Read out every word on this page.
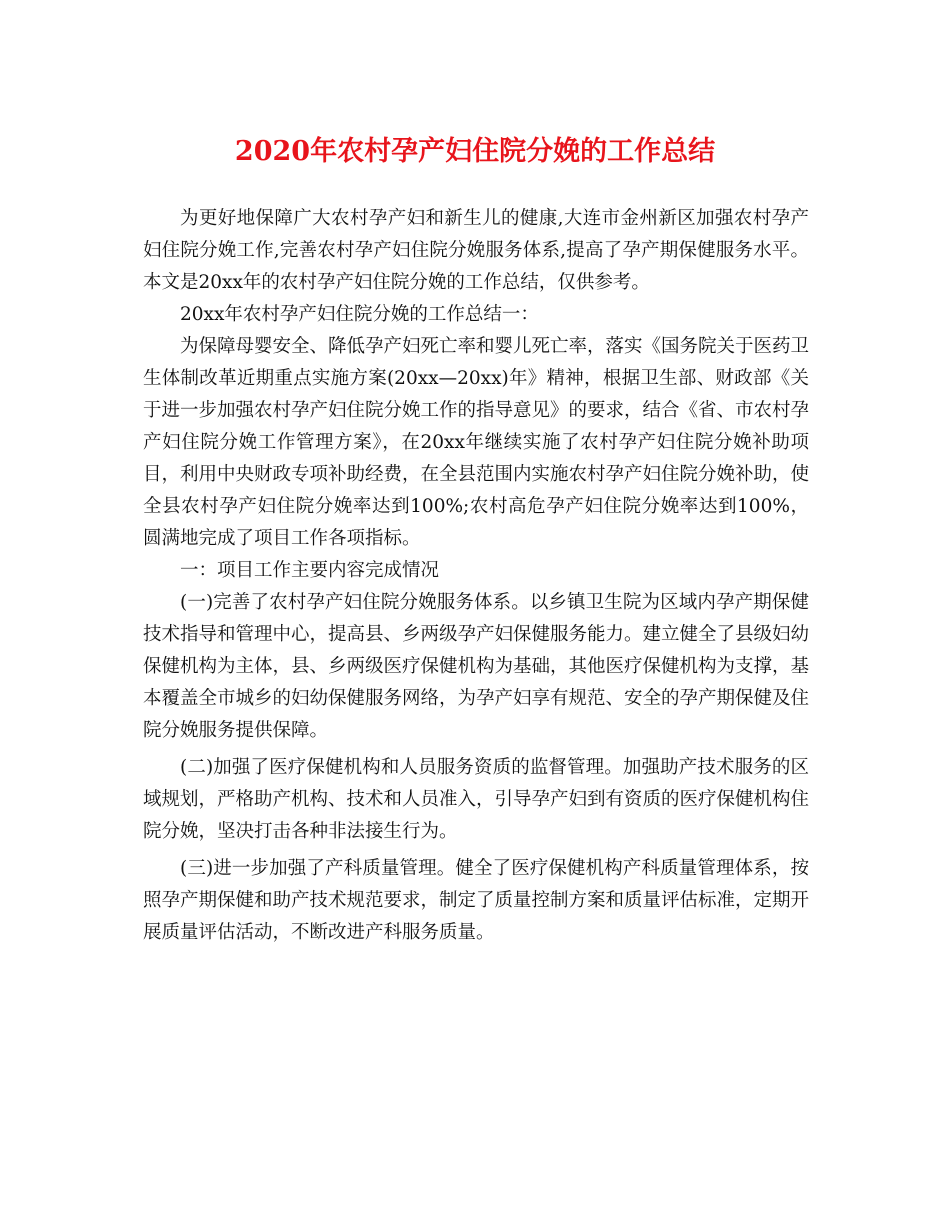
2020年农村孕产妇住院分娩的工作总结

为更好地保障广大农村孕产妇和新生儿的健康,大连市金州新区加强农村孕产妇住院分娩工作,完善农村孕产妇住院分娩服务体系,提高了孕产期保健服务水平。本文是20xx年的农村孕产妇住院分娩的工作总结，仅供参考。

20xx年农村孕产妇住院分娩的工作总结一：

为保障母婴安全、降低孕产妇死亡率和婴儿死亡率，落实《国务院关于医药卫生体制改革近期重点实施方案(20xx—20xx)年》精神，根据卫生部、财政部《关于进一步加强农村孕产妇住院分娩工作的指导意见》的要求，结合《省、市农村孕产妇住院分娩工作管理方案》，在20xx年继续实施了农村孕产妇住院分娩补助项目，利用中央财政专项补助经费，在全县范围内实施农村孕产妇住院分娩补助，使全县农村孕产妇住院分娩率达到100%;农村高危孕产妇住院分娩率达到100%，圆满地完成了项目工作各项指标。

一：项目工作主要内容完成情况

(一)完善了农村孕产妇住院分娩服务体系。以乡镇卫生院为区域内孕产期保健技术指导和管理中心，提高县、乡两级孕产妇保健服务能力。建立健全了县级妇幼保健机构为主体，县、乡两级医疗保健机构为基础，其他医疗保健机构为支撑，基本覆盖全市城乡的妇幼保健服务网络，为孕产妇享有规范、安全的孕产期保健及住院分娩服务提供保障。

(二)加强了医疗保健机构和人员服务资质的监督管理。加强助产技术服务的区域规划，严格助产机构、技术和人员准入，引导孕产妇到有资质的医疗保健机构住院分娩，坚决打击各种非法接生行为。

(三)进一步加强了产科质量管理。健全了医疗保健机构产科质量管理体系，按照孕产期保健和助产技术规范要求，制定了质量控制方案和质量评估标准，定期开展质量评估活动，不断改进产科服务质量。
